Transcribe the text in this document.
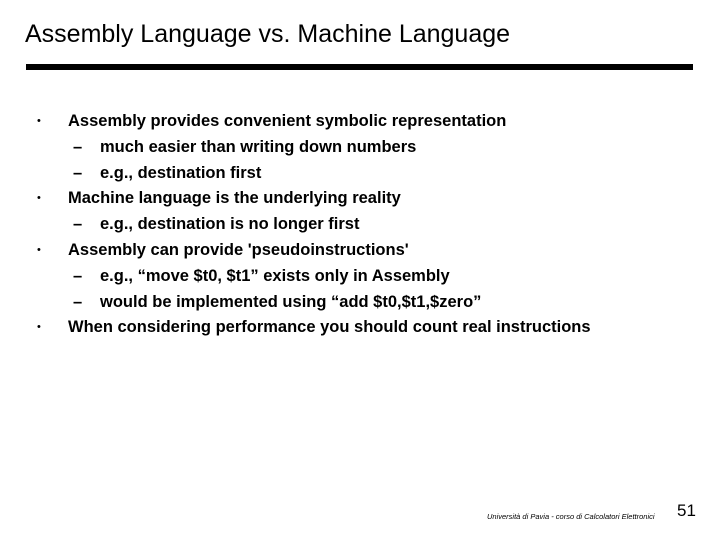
Assembly Language vs. Machine Language
• Assembly provides convenient symbolic representation
– much easier than writing down numbers
– e.g., destination first
• Machine language is the underlying reality
– e.g., destination is no longer first
• Assembly can provide 'pseudoinstructions'
– e.g., “move $t0, $t1” exists only in Assembly
– would be implemented using “add $t0,$t1,$zero”
• When considering performance you should count real instructions
Università di Pavia - corso di Calcolatori Elettronici 51
